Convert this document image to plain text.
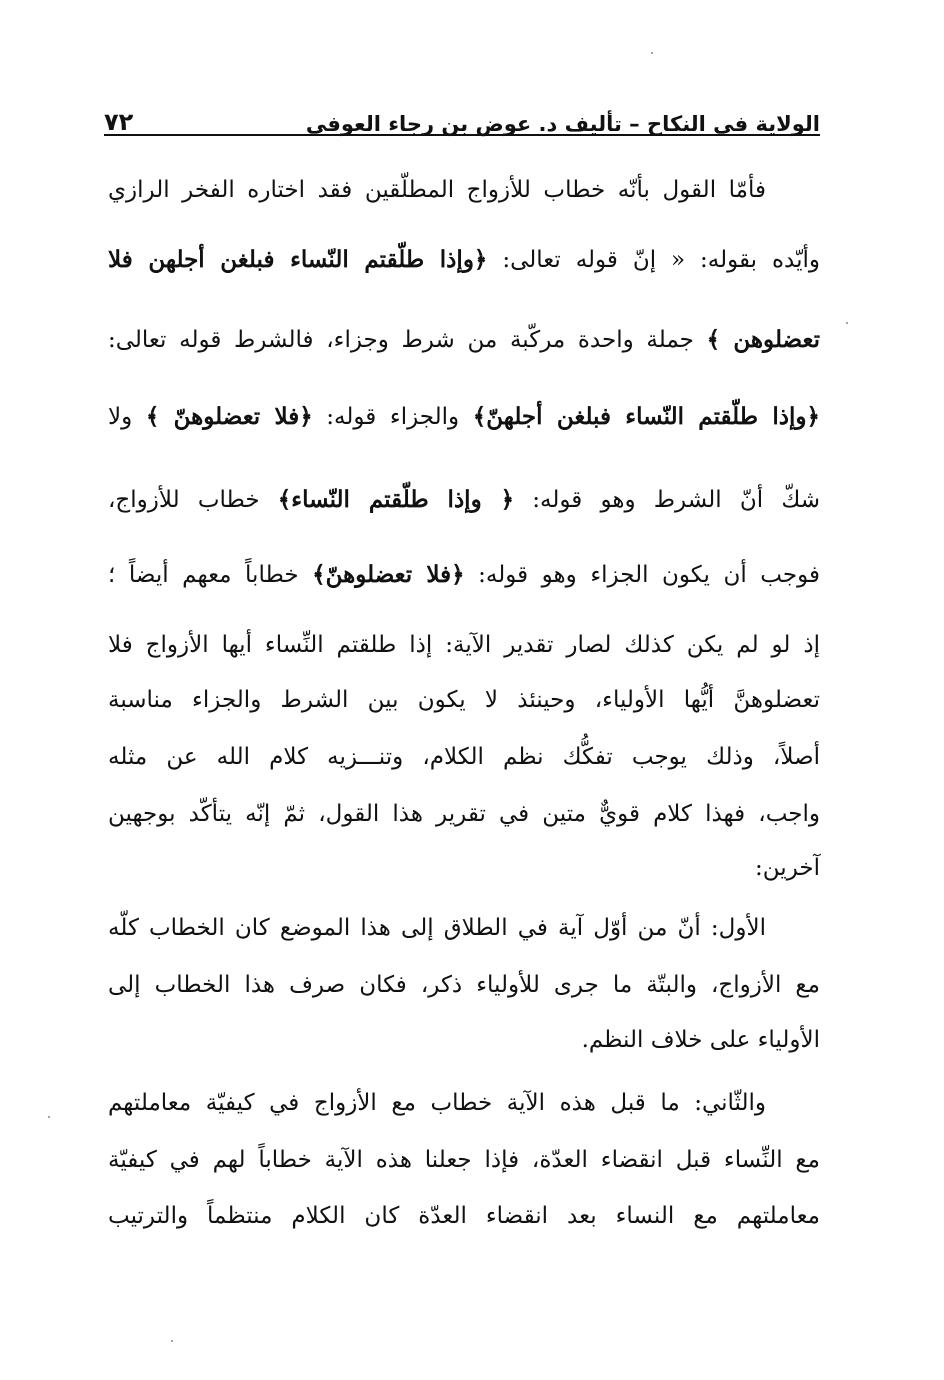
الولاية في النكاح – تأليف د. عوض بن رجاء العوفي
٧٢
فأمّا القول بأنّه خطاب للأزواج المطلّقين فقد اختاره الفخر الرازي
وأيّده بقوله: « إنّ قوله تعالى: ﴿وإذا طلّقتم النّساء فبلغن أجلهن فلا
تعضلوهن ﴾ جملة واحدة مركّبة من شرط وجزاء، فالشرط قوله تعالى:
﴿وإذا طلّقتم النّساء فبلغن أجلهنّ﴾ والجزاء قوله: ﴿فلا تعضلوهنّ ﴾ ولا
شكّ أنّ الشرط وهو قوله: ﴿ وإذا طلّقتم النّساء﴾ خطاب للأزواج،
فوجب أن يكون الجزاء وهو قوله: ﴿فلا تعضلوهنّ﴾ خطاباً معهم أيضاً ؛
إذ لو لم يكن كذلك لصار تقدير الآية: إذا طلقتم النِّساء أيها الأزواج فلا
تعضلوهنَّ أيُّها الأولياء، وحينئذ لا يكون بين الشرط والجزاء مناسبة
أصلاً، وذلك يوجب تفكُّك نظم الكلام، وتنـــزيه كلام الله عن مثله
واجب، فهذا كلام قويٌّ متين في تقرير هذا القول، ثمّ إنّه يتأكّد بوجهين
آخرين:
الأول: أنّ من أوّل آية في الطلاق إلى هذا الموضع كان الخطاب كلّه
مع الأزواج، والبتّة ما جرى للأولياء ذكر، فكان صرف هذا الخطاب إلى
الأولياء على خلاف النظم.
والثّاني: ما قبل هذه الآية خطاب مع الأزواج في كيفيّة معاملتهم
مع النِّساء قبل انقضاء العدّة، فإذا جعلنا هذه الآية خطاباً لهم في كيفيّة
معاملتهم مع النساء بعد انقضاء العدّة كان الكلام منتظماً والترتيب
